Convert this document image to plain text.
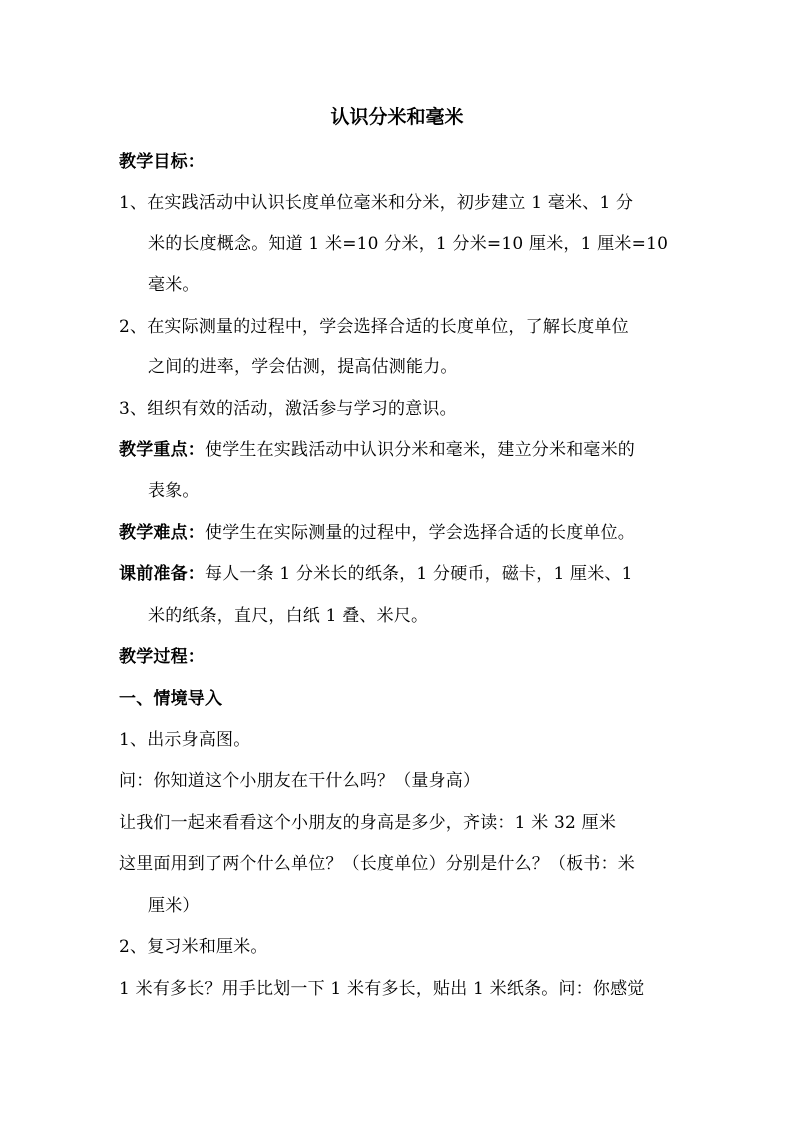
认识分米和毫米
教学目标：
1、在实践活动中认识长度单位毫米和分米，初步建立 1 毫米、1 分
米的长度概念。知道 1 米=10 分米，1 分米=10 厘米，1 厘米=10
毫米。
2、在实际测量的过程中，学会选择合适的长度单位，了解长度单位
之间的进率，学会估测，提高估测能力。
3、组织有效的活动，激活参与学习的意识。
教学重点：使学生在实践活动中认识分米和毫米，建立分米和毫米的
表象。
教学难点：使学生在实际测量的过程中，学会选择合适的长度单位。
课前准备：每人一条 1 分米长的纸条，1 分硬币，磁卡，1 厘米、1
米的纸条，直尺，白纸 1 叠、米尺。
教学过程：
一、情境导入
1、出示身高图。
问：你知道这个小朋友在干什么吗？（量身高）
让我们一起来看看这个小朋友的身高是多少，齐读：1 米 32 厘米
这里面用到了两个什么单位？（长度单位）分别是什么？（板书：米
厘米）
2、复习米和厘米。
1 米有多长？用手比划一下 1 米有多长，贴出 1 米纸条。问：你感觉
